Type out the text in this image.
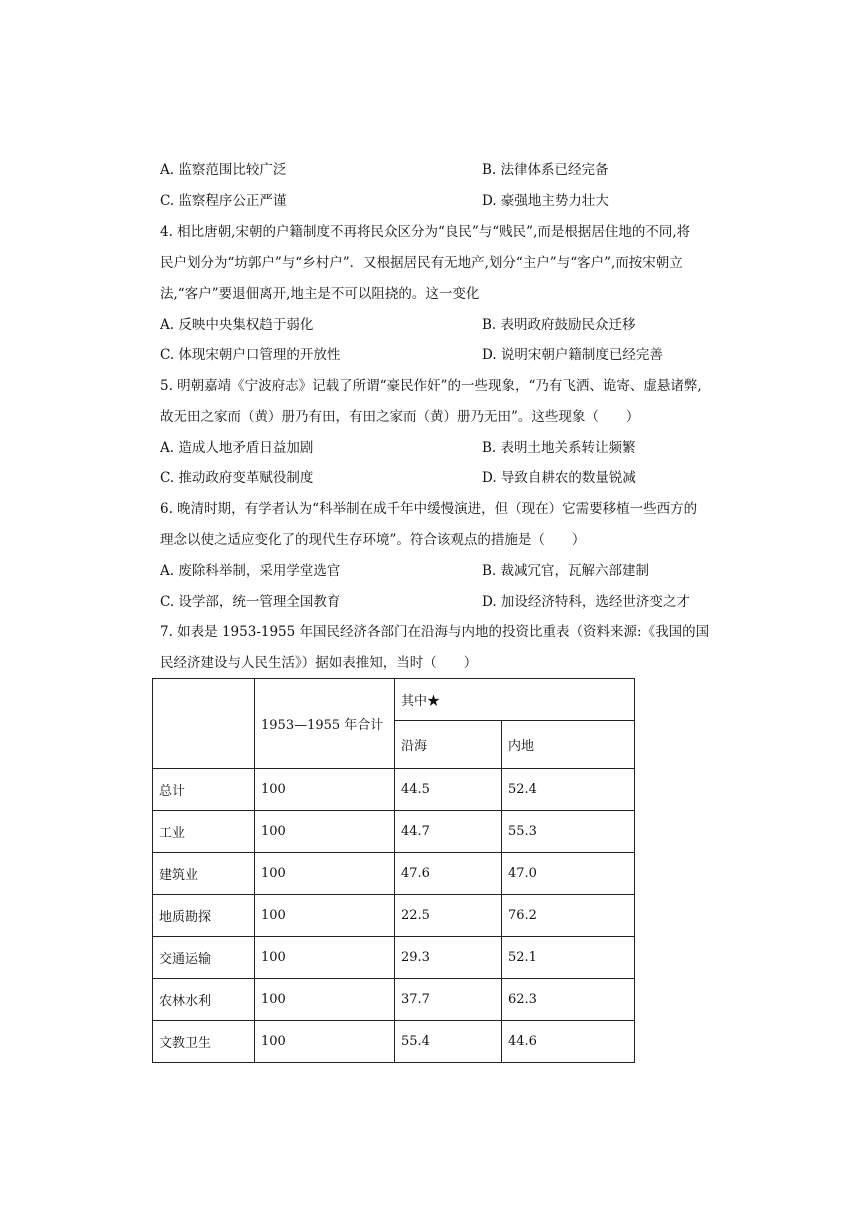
A. 监察范围比较广泛	B. 法律体系已经完备
C. 监察程序公正严谨	D. 豪强地主势力壮大
4. 相比唐朝,宋朝的户籍制度不再将民众区分为“良民”与“贱民”,而是根据居住地的不同,将
民户划分为“坊郭户”与“乡村户”．又根据居民有无地产,划分“主户”与“客户”,而按宋朝立
法,“客户”要退佃离开,地主是不可以阻挠的。这一变化
A. 反映中央集权趋于弱化	B. 表明政府鼓励民众迁移
C. 体现宋朝户口管理的开放性	D. 说明宋朝户籍制度已经完善
5. 明朝嘉靖《宁波府志》记载了所谓“豪民作奸”的一些现象，“乃有飞洒、诡寄、虚悬诸弊,
故无田之家而（黄）册乃有田，有田之家而（黄）册乃无田”。这些现象（　　）
A. 造成人地矛盾日益加剧	B. 表明土地关系转让频繁
C. 推动政府变革赋役制度	D. 导致自耕农的数量锐减
6. 晚清时期，有学者认为“科举制在成千年中缓慢演进，但（现在）它需要移植一些西方的
理念以使之适应变化了的现代生存环境”。符合该观点的措施是（　　）
A. 废除科举制，采用学堂选官	B. 裁减冗官，瓦解六部建制
C. 设学部，统一管理全国教育	D. 加设经济特科，选经世济变之才
7. 如表是 1953-1955 年国民经济各部门在沿海与内地的投资比重表（资料来源:《我国的国
民经济建设与人民生活》）据如表推知，当时（　　）
	1953—1955 年合计	其中★	
		沿海	内地
总计	100	44.5	52.4
工业	100	44.7	55.3
建筑业	100	47.6	47.0
地质勘探	100	22.5	76.2
交通运输	100	29.3	52.1
农林水利	100	37.7	62.3
文教卫生	100	55.4	44.6
